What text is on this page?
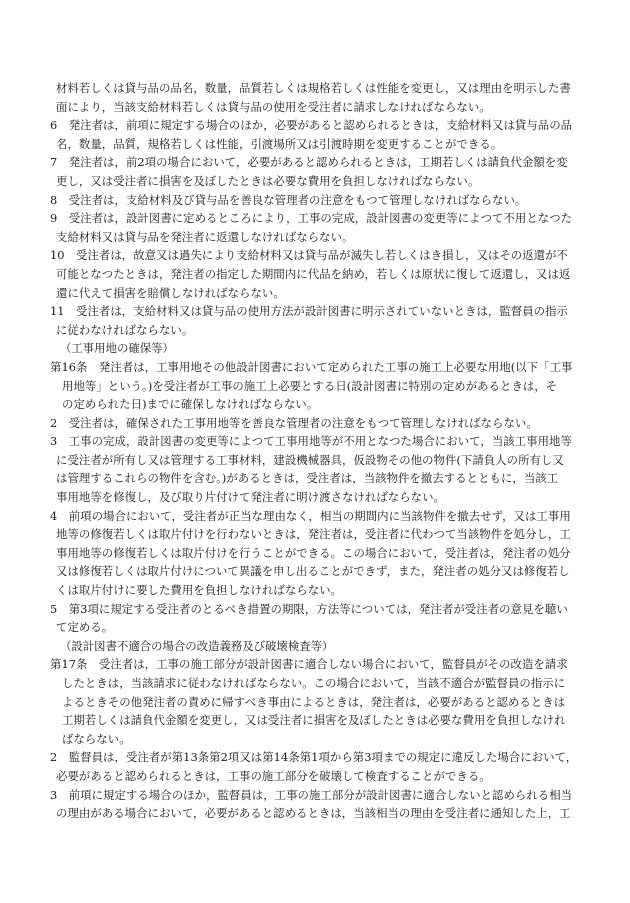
材料若しくは貸与品の品名，数量，品質若しくは規格若しくは性能を変更し，又は理由を明示した書
面により，当該支給材料若しくは貸与品の使用を受注者に請求しなければならない。
6　発注者は，前項に規定する場合のほか，必要があると認められるときは，支給材料又は貸与品の品
名，数量，品質，規格若しくは性能，引渡場所又は引渡時期を変更することができる。
7　発注者は，前2項の場合において，必要があると認められるときは，工期若しくは請負代金額を変
更し，又は受注者に損害を及ぼしたときは必要な費用を負担しなければならない。
8　受注者は，支給材料及び貸与品を善良な管理者の注意をもつて管理しなければならない。
9　受注者は，設計図書に定めるところにより，工事の完成，設計図書の変更等によつて不用となつた
支給材料又は貸与品を発注者に返還しなければならない。
10　受注者は，故意又は過失により支給材料又は貸与品が滅失し若しくはき損し，又はその返還が不
可能となつたときは，発注者の指定した期間内に代品を納め，若しくは原状に復して返還し，又は返
還に代えて損害を賠償しなければならない。
11　受注者は，支給材料又は貸与品の使用方法が設計図書に明示されていないときは，監督員の指示
に従わなければならない。
（工事用地の確保等）
第16条　発注者は，工事用地その他設計図書において定められた工事の施工上必要な用地(以下「工事
用地等」という。)を受注者が工事の施工上必要とする日(設計図書に特別の定めがあるときは，そ
の定められた日)までに確保しなければならない。
2　受注者は，確保された工事用地等を善良な管理者の注意をもつて管理しなければならない。
3　工事の完成，設計図書の変更等によつて工事用地等が不用となつた場合において，当該工事用地等
に受注者が所有し又は管理する工事材料，建設機械器具，仮設物その他の物件(下請負人の所有し又
は管理するこれらの物件を含む。)があるときは，受注者は，当該物件を撤去するとともに，当該工
事用地等を修復し，及び取り片付けて発注者に明け渡さなければならない。
4　前項の場合において，受注者が正当な理由なく，相当の期間内に当該物件を撤去せず，又は工事用
地等の修復若しくは取片付けを行わないときは，発注者は，受注者に代わつて当該物件を処分し，工
事用地等の修復若しくは取片付けを行うことができる。この場合において，受注者は，発注者の処分
又は修復若しくは取片付けについて異議を申し出ることができず，また，発注者の処分又は修復若し
くは取片付けに要した費用を負担しなければならない。
5　第3項に規定する受注者のとるべき措置の期限，方法等については，発注者が受注者の意見を聴い
て定める。
（設計図書不適合の場合の改造義務及び破壊検査等）
第17条　受注者は，工事の施工部分が設計図書に適合しない場合において，監督員がその改造を請求
したときは，当該請求に従わなければならない。この場合において，当該不適合が監督員の指示に
よるときその他発注者の責めに帰すべき事由によるときは，発注者は，必要があると認めるときは
工期若しくは請負代金額を変更し，又は受注者に損害を及ぼしたときは必要な費用を負担しなけれ
ばならない。
2　監督員は，受注者が第13条第2項又は第14条第1項から第3項までの規定に違反した場合において，
必要があると認められるときは，工事の施工部分を破壊して検査することができる。
3　前項に規定する場合のほか，監督員は，工事の施工部分が設計図書に適合しないと認められる相当
の理由がある場合において，必要があると認めるときは，当該相当の理由を受注者に通知した上，工
